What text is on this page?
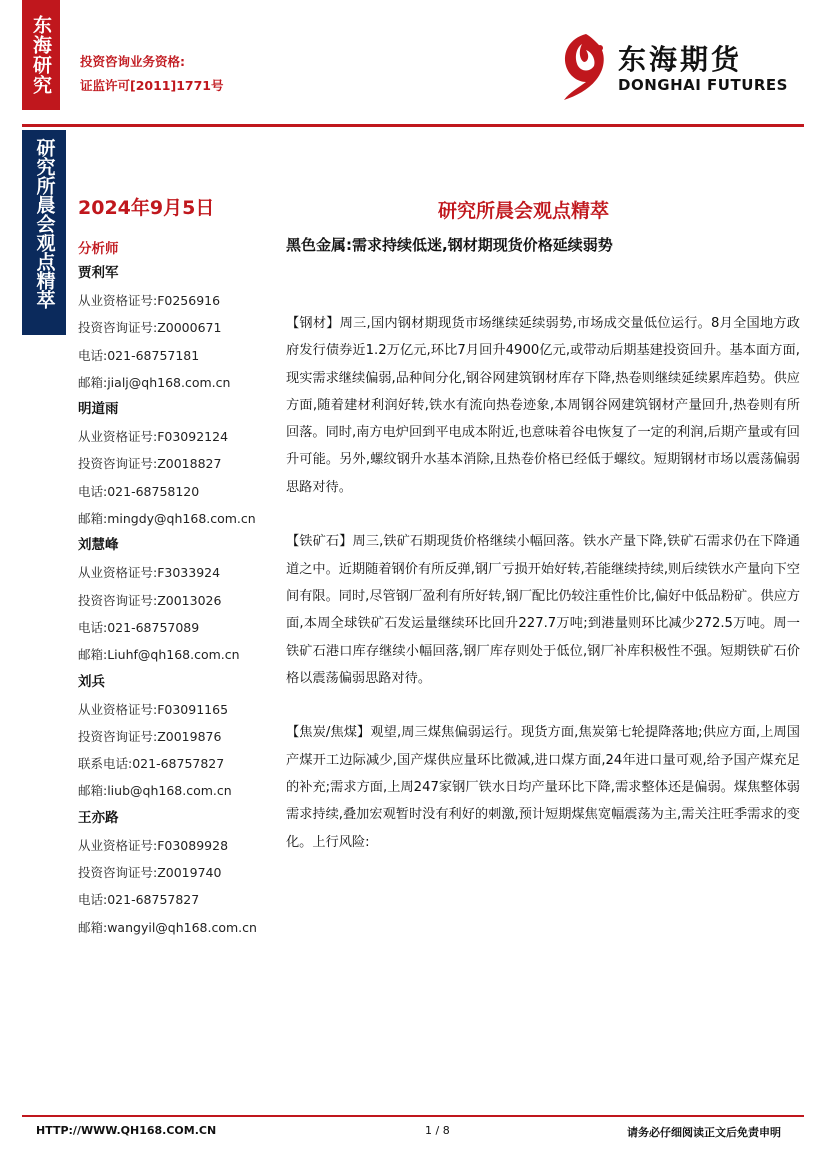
东海研究	投资咨询业务资格:
证监许可[2011]1771号
东海期货
DONGHAI FUTURES
研究所晨会观点精萃	2024年9月5日	研究所晨会观点精萃
黑色金属:需求持续低迷,钢材期现货价格延续弱势
分析师
贾利军
从业资格证号:F0256916
投资咨询证号:Z0000671
电话:021-68757181
邮箱:jialj@qh168.com.cn
明道雨
从业资格证号:F03092124
投资咨询证号:Z0018827
电话:021-68758120
邮箱:mingdy@qh168.com.cn
刘慧峰
从业资格证号:F3033924
投资咨询证号:Z0013026
电话:021-68757089
邮箱:Liuhf@qh168.com.cn
刘兵
从业资格证号:F03091165
投资咨询证号:Z0019876
联系电话:021-68757827
邮箱:liub@qh168.com.cn
王亦路
从业资格证号:F03089928
投资咨询证号:Z0019740
电话:021-68757827
邮箱:wangyil@qh168.com.cn

【钢材】周三,国内钢材期现货市场继续延续弱势,市场成交量低位运行。8月全国地方政府发行债券近1.2万亿元,环比7月回升4900亿元,或带动后期基建投资回升。基本面方面,现实需求继续偏弱,品种间分化,钢谷网建筑钢材库存下降,热卷则继续延续累库趋势。供应方面,随着建材利润好转,铁水有流向热卷迹象,本周钢谷网建筑钢材产量回升,热卷则有所回落。同时,南方电炉回到平电成本附近,也意味着谷电恢复了一定的利润,后期产量或有回升可能。另外,螺纹钢升水基本消除,且热卷价格已经低于螺纹。短期钢材市场以震荡偏弱思路对待。

【铁矿石】周三,铁矿石期现货价格继续小幅回落。铁水产量下降,铁矿石需求仍在下降通道之中。近期随着钢价有所反弹,钢厂亏损开始好转,若能继续持续,则后续铁水产量向下空间有限。同时,尽管钢厂盈利有所好转,钢厂配比仍较注重性价比,偏好中低品粉矿。供应方面,本周全球铁矿石发运量继续环比回升227.7万吨;到港量则环比减少272.5万吨。周一铁矿石港口库存继续小幅回落,钢厂库存则处于低位,钢厂补库积极性不强。短期铁矿石价格以震荡偏弱思路对待。

【焦炭/焦煤】观望,周三煤焦偏弱运行。现货方面,焦炭第七轮提降落地;供应方面,上周国产煤开工边际减少,国产煤供应量环比微减,进口煤方面,24年进口量可观,给予国产煤充足的补充;需求方面,上周247家钢厂铁水日均产量环比下降,需求整体还是偏弱。煤焦整体弱需求持续,叠加宏观暂时没有利好的刺激,预计短期煤焦宽幅震荡为主,需关注旺季需求的变化。上行风险:

HTTP://WWW.QH168.COM.CN	1 / 8	请务必仔细阅读正文后免责申明
